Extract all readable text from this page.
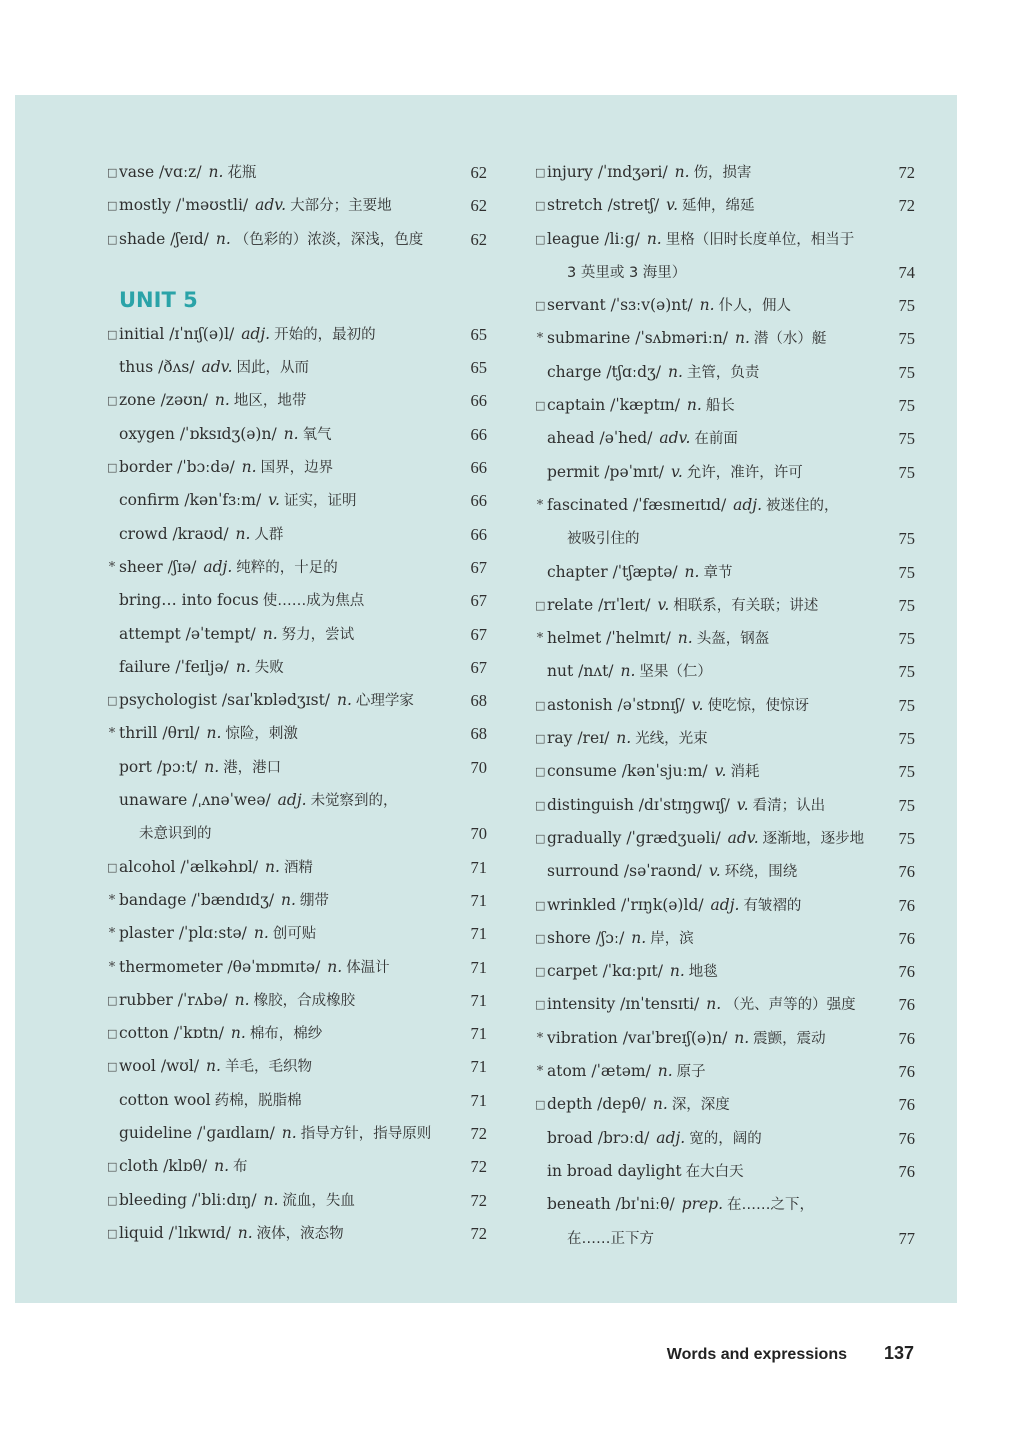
□ vase /vɑːz/ n. 花瓶	62
□ mostly /ˈməʊstli/ adv. 大部分；主要地	62
□ shade /ʃeɪd/ n. （色彩的）浓淡，深浅，色度	62
UNIT 5
□ initial /ɪˈnɪʃ(ə)l/ adj. 开始的，最初的	65
thus /ðʌs/ adv. 因此，从而	65
□ zone /zəʊn/ n. 地区，地带	66
oxygen /ˈɒksɪdʒ(ə)n/ n. 氧气	66
□ border /ˈbɔːdə/ n. 国界，边界	66
confirm /kənˈfɜːm/ v. 证实，证明	66
crowd /kraʊd/ n. 人群	66
* sheer /ʃɪə/ adj. 纯粹的，十足的	67
bring… into focus 使……成为焦点	67
attempt /əˈtempt/ n. 努力，尝试	67
failure /ˈfeɪljə/ n. 失败	67
□ psychologist /saɪˈkɒlədʒɪst/ n. 心理学家	68
* thrill /θrɪl/ n. 惊险，刺激	68
port /pɔːt/ n. 港，港口	70
unaware /ˌʌnəˈweə/ adj. 未觉察到的，
未意识到的	70
□ alcohol /ˈælkəhɒl/ n. 酒精	71
* bandage /ˈbændɪdʒ/ n. 绷带	71
* plaster /ˈplɑːstə/ n. 创可贴	71
* thermometer /θəˈmɒmɪtə/ n. 体温计	71
□ rubber /ˈrʌbə/ n. 橡胶，合成橡胶	71
□ cotton /ˈkɒtn/ n. 棉布，棉纱	71
□ wool /wʊl/ n. 羊毛，毛织物	71
cotton wool 药棉，脱脂棉	71
guideline /ˈɡaɪdlaɪn/ n. 指导方针，指导原则	72
□ cloth /klɒθ/ n. 布	72
□ bleeding /ˈbliːdɪŋ/ n. 流血，失血	72
□ liquid /ˈlɪkwɪd/ n. 液体，液态物	72
□ injury /ˈɪndʒəri/ n. 伤，损害	72
□ stretch /stretʃ/ v. 延伸，绵延	72
□ league /liːɡ/ n. 里格（旧时长度单位，相当于
3 英里或 3 海里）	74
□ servant /ˈsɜːv(ə)nt/ n. 仆人，佣人	75
* submarine /ˈsʌbməriːn/ n. 潜（水）艇	75
charge /tʃɑːdʒ/ n. 主管，负责	75
□ captain /ˈkæptɪn/ n. 船长	75
ahead /əˈhed/ adv. 在前面	75
permit /pəˈmɪt/ v. 允许，准许，许可	75
* fascinated /ˈfæsɪneɪtɪd/ adj. 被迷住的，
被吸引住的	75
chapter /ˈtʃæptə/ n. 章节	75
□ relate /rɪˈleɪt/ v. 相联系，有关联；讲述	75
* helmet /ˈhelmɪt/ n. 头盔，钢盔	75
nut /nʌt/ n. 坚果（仁）	75
□ astonish /əˈstɒnɪʃ/ v. 使吃惊，使惊讶	75
□ ray /reɪ/ n. 光线，光束	75
□ consume /kənˈsjuːm/ v. 消耗	75
□ distinguish /dɪˈstɪŋɡwɪʃ/ v. 看清；认出	75
□ gradually /ˈɡrædʒuəli/ adv. 逐渐地，逐步地	75
surround /səˈraʊnd/ v. 环绕，围绕	76
□ wrinkled /ˈrɪŋk(ə)ld/ adj. 有皱褶的	76
□ shore /ʃɔː/ n. 岸，滨	76
□ carpet /ˈkɑːpɪt/ n. 地毯	76
□ intensity /ɪnˈtensɪti/ n. （光、声等的）强度	76
* vibration /vaɪˈbreɪʃ(ə)n/ n. 震颤，震动	76
* atom /ˈætəm/ n. 原子	76
□ depth /depθ/ n. 深，深度	76
broad /brɔːd/ adj. 宽的，阔的	76
in broad daylight 在大白天	76
beneath /bɪˈniːθ/ prep. 在……之下，
在……正下方	77
Words and expressions 137
